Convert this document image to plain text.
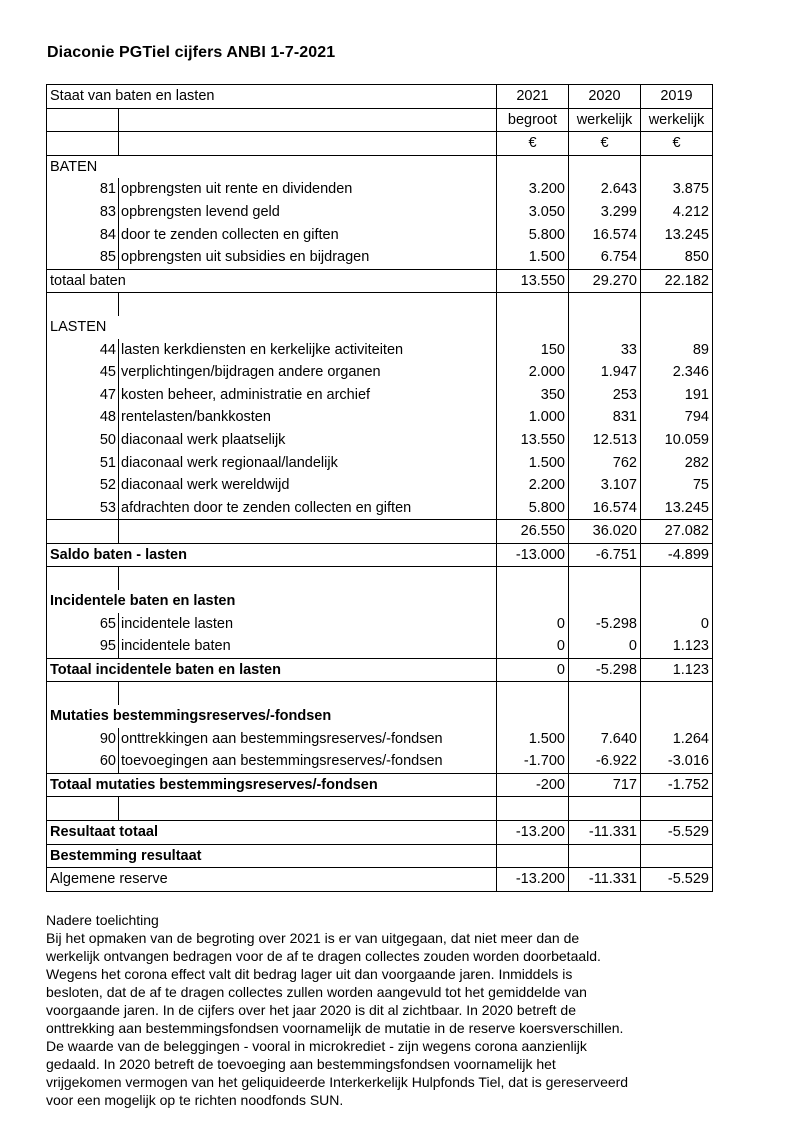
Diaconie PGTiel cijfers ANBI 1-7-2021
Staat van baten en lasten		2021	2020	2019
		begroot	werkelijk	werkelijk
		€	€	€
BATEN				
81	opbrengsten uit rente en dividenden	3.200	2.643	3.875
83	opbrengsten levend geld	3.050	3.299	4.212
84	door te zenden collecten en giften	5.800	16.574	13.245
85	opbrengsten uit subsidies en bijdragen	1.500	6.754	850
totaal baten		13.550	29.270	22.182

LASTEN				
44	lasten kerkdiensten en kerkelijke activiteiten	150	33	89
45	verplichtingen/bijdragen andere organen	2.000	1.947	2.346
47	kosten beheer, administratie en archief	350	253	191
48	rentelasten/bankkosten	1.000	831	794
50	diaconaal werk plaatselijk	13.550	12.513	10.059
51	diaconaal werk regionaal/landelijk	1.500	762	282
52	diaconaal werk wereldwijd	2.200	3.107	75
53	afdrachten door te zenden collecten en giften	5.800	16.574	13.245
		26.550	36.020	27.082
Saldo baten - lasten		-13.000	-6.751	-4.899

Incidentele baten en lasten				
65	incidentele lasten	0	-5.298	0
95	incidentele baten	0	0	1.123
Totaal incidentele baten en lasten		0	-5.298	1.123

Mutaties bestemmingsreserves/-fondsen				
90	onttrekkingen aan bestemmingsreserves/-fondsen	1.500	7.640	1.264
60	toevoegingen aan bestemmingsreserves/-fondsen	-1.700	-6.922	-3.016
Totaal mutaties bestemmingsreserves/-fondsen		-200	717	-1.752

Resultaat totaal		-13.200	-11.331	-5.529
Bestemming resultaat				
Algemene reserve		-13.200	-11.331	-5.529
Nadere toelichting
Bij het opmaken van de begroting over 2021 is er van uitgegaan, dat niet meer dan de
werkelijk ontvangen bedragen voor de af te dragen collectes zouden worden doorbetaald.
Wegens het corona effect valt dit bedrag lager uit dan voorgaande jaren. Inmiddels is
besloten, dat de af te dragen collectes zullen worden aangevuld tot het gemiddelde van
voorgaande jaren. In de cijfers over het jaar 2020 is dit al zichtbaar. In 2020 betreft de
onttrekking aan bestemmingsfondsen voornamelijk de mutatie in de reserve koersverschillen.
De waarde van de beleggingen - vooral in microkrediet - zijn wegens corona aanzienlijk
gedaald. In 2020 betreft de toevoeging aan bestemmingsfondsen voornamelijk het
vrijgekomen vermogen van het geliquideerde Interkerkelijk Hulpfonds Tiel, dat is gereserveerd
voor een mogelijk op te richten noodfonds SUN.
